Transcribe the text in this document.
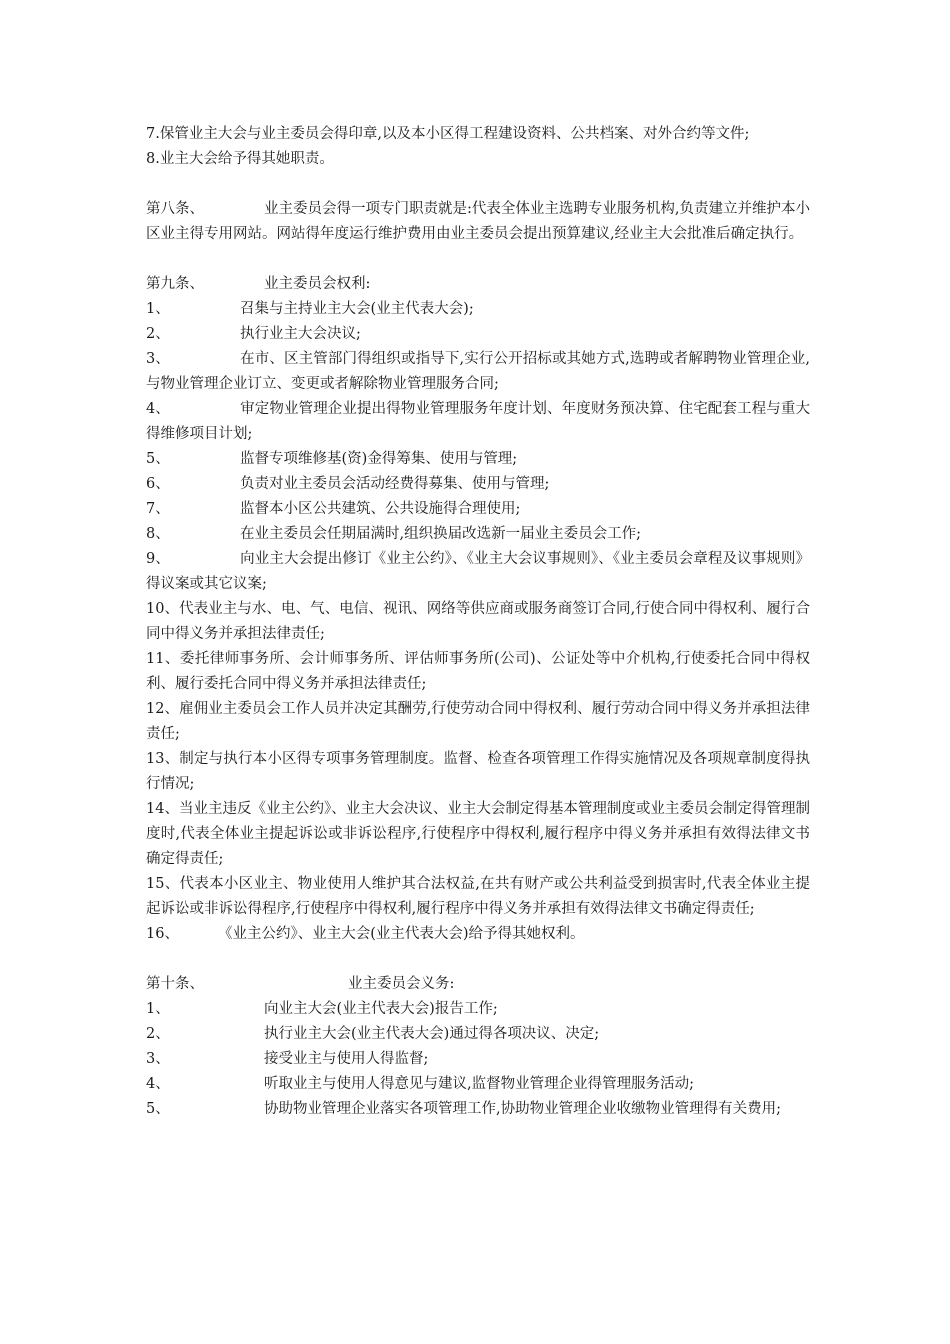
7.保管业主大会与业主委员会得印章,以及本小区得工程建设资料、公共档案、对外合约等文件;
8.业主大会给予得其她职责。
第八条、	业主委员会得一项专门职责就是:代表全体业主选聘专业服务机构,负责建立并维护本小区业主得专用网站。网站得年度运行维护费用由业主委员会提出预算建议,经业主大会批准后确定执行。
第九条、	业主委员会权利:
1、	召集与主持业主大会(业主代表大会);
2、	执行业主大会决议;
3、	在市、区主管部门得组织或指导下,实行公开招标或其她方式,选聘或者解聘物业管理企业,与物业管理企业订立、变更或者解除物业管理服务合同;
4、	审定物业管理企业提出得物业管理服务年度计划、年度财务预决算、住宅配套工程与重大得维修项目计划;
5、	监督专项维修基(资)金得筹集、使用与管理;
6、	负责对业主委员会活动经费得募集、使用与管理;
7、	监督本小区公共建筑、公共设施得合理使用;
8、	在业主委员会任期届满时,组织换届改选新一届业主委员会工作;
9、	向业主大会提出修订《业主公约》、《业主大会议事规则》、《业主委员会章程及议事规则》得议案或其它议案;
10、代表业主与水、电、气、电信、视讯、网络等供应商或服务商签订合同,行使合同中得权利、履行合同中得义务并承担法律责任;
11、委托律师事务所、会计师事务所、评估师事务所(公司)、公证处等中介机构,行使委托合同中得权利、履行委托合同中得义务并承担法律责任;
12、雇佣业主委员会工作人员并决定其酬劳,行使劳动合同中得权利、履行劳动合同中得义务并承担法律责任;
13、制定与执行本小区得专项事务管理制度。监督、检查各项管理工作得实施情况及各项规章制度得执行情况;
14、当业主违反《业主公约》、业主大会决议、业主大会制定得基本管理制度或业主委员会制定得管理制度时,代表全体业主提起诉讼或非诉讼程序,行使程序中得权利,履行程序中得义务并承担有效得法律文书确定得责任;
15、代表本小区业主、物业使用人维护其合法权益,在共有财产或公共利益受到损害时,代表全体业主提起诉讼或非诉讼得程序,行使程序中得权利,履行程序中得义务并承担有效得法律文书确定得责任;
16、	《业主公约》、业主大会(业主代表大会)给予得其她权利。
第十条、	业主委员会义务:
1、	向业主大会(业主代表大会)报告工作;
2、	执行业主大会(业主代表大会)通过得各项决议、决定;
3、	接受业主与使用人得监督;
4、	听取业主与使用人得意见与建议,监督物业管理企业得管理服务活动;
5、	协助物业管理企业落实各项管理工作,协助物业管理企业收缴物业管理得有关费用;
